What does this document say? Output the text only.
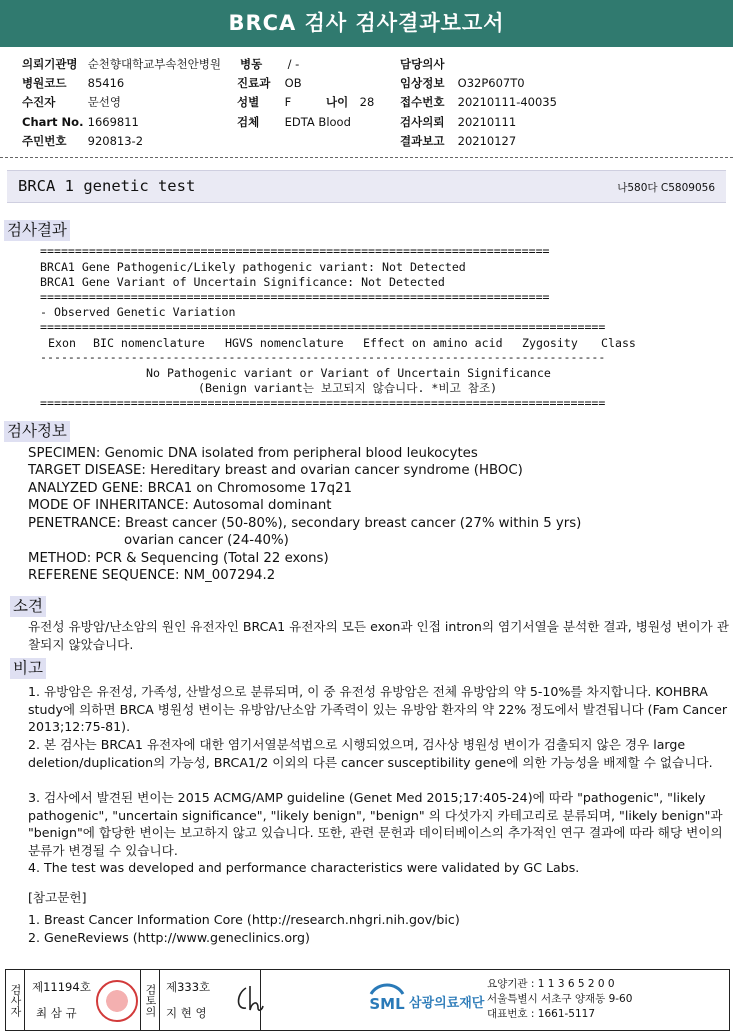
BRCA 검사 검사결과보고서
의뢰기관명 순천향대학교부속천안병원
병원코드 85416
수진자	문선영
Chart No. 1669811
주민번호 920813-2
병동 / -
진료과 OB
성별 F	나이 28
검체 EDTA Blood
담당의사
임상정보 O32P607T0
접수번호 20210111-40035
검사의뢰 20210111
결과보고 20210127
BRCA 1 genetic test	나580다 C5809056
검사결과
=========================================================================
BRCA1 Gene Pathogenic/Likely pathogenic variant: Not Detected
BRCA1 Gene Variant of Uncertain Significance: Not Detected
=========================================================================
- Observed Genetic Variation
=================================================================================
Exon BIC nomenclature HGVS nomenclature Effect on amino acid Zygosity Class
---------------------------------------------------------------------------------
No Pathogenic variant or Variant of Uncertain Significance
(Benign variant는 보고되지 않습니다. *비고 참조)
=================================================================================
검사정보
SPECIMEN: Genomic DNA isolated from peripheral blood leukocytes
TARGET DISEASE: Hereditary breast and ovarian cancer syndrome (HBOC)
ANALYZED GENE: BRCA1 on Chromosome 17q21
MODE OF INHERITANCE: Autosomal dominant
PENETRANCE: Breast cancer (50-80%), secondary breast cancer (27% within 5 yrs)
ovarian cancer (24-40%)
METHOD: PCR & Sequencing (Total 22 exons)
REFERENE SEQUENCE: NM_007294.2
소견
유전성 유방암/난소암의 원인 유전자인 BRCA1 유전자의 모든 exon과 인접 intron의 염기서열을 분석한 결과, 병원성 변이가 관찰되지 않았습니다.
비고
1. 유방암은 유전성, 가족성, 산발성으로 분류되며, 이 중 유전성 유방암은 전체 유방암의 약 5-10%를 차지합니다. KOHBRA study에 의하면 BRCA 병원성 변이는 유방암/난소암 가족력이 있는 유방암 환자의 약 22% 정도에서 발견됩니다 (Fam Cancer 2013;12:75-81).
2. 본 검사는 BRCA1 유전자에 대한 염기서열분석법으로 시행되었으며, 검사상 병원성 변이가 검출되지 않은 경우 large deletion/duplication의 가능성, BRCA1/2 이외의 다른 cancer susceptibility gene에 의한 가능성을 배제할 수 없습니다.
3. 검사에서 발견된 변이는 2015 ACMG/AMP guideline (Genet Med 2015;17:405-24)에 따라 "pathogenic", "likely pathogenic", "uncertain significance", "likely benign", "benign" 의 다섯가지 카테고리로 분류되며, "likely benign"과 "benign"에 합당한 변이는 보고하지 않고 있습니다. 또한, 관련 문헌과 데이터베이스의 추가적인 연구 결과에 따라 해당 변이의 분류가 변경될 수 있습니다.
4. The test was developed and performance characteristics were validated by GC Labs.
[참고문헌]
1. Breast Cancer Information Core (http://research.nhgri.nih.gov/bic)
2. GeneReviews (http://www.geneclinics.org)
검사자 제11194호
최 삼 규	검토의 제333호
지 현 영	SML 삼광의료재단
요양기관 : 1 1 3 6 5 2 0 0
서울특별시 서초구 양재동 9-60
대표번호 : 1661-5117
